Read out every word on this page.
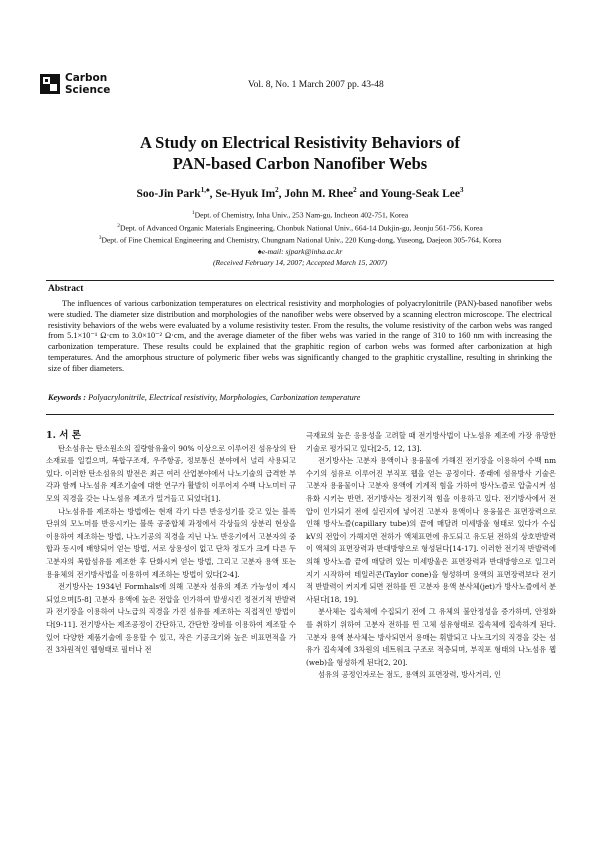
Carbon
Science	Vol. 8, No. 1 March 2007 pp. 43-48
A Study on Electrical Resistivity Behaviors of
PAN-based Carbon Nanofiber Webs
Soo-Jin Park$^{1,♠}$, Se-Hyuk Im$^2$, John M. Rhee$^2$ and Young-Seak Lee$^3$
$^1$Dept. of Chemistry, Inha Univ., 253 Nam-gu, Incheon 402-751, Korea
$^2$Dept. of Advanced Organic Materials Engineering, Chonbuk National Univ., 664-14 Dukjin-gu, Jeonju 561-756, Korea
$^3$Dept. of Fine Chemical Engineering and Chemistry, Chungnam National Univ., 220 Kung-dong, Yuseong, Daejeon 305-764, Korea
♠e-mail: sjpark@inha.ac.kr
(Received February 14, 2007; Accepted March 15, 2007)
Abstract

The influences of various carbonization temperatures on electrical resistivity and morphologies of polyacrylonitrile (PAN)-based nanofiber webs were studied. The diameter size distribution and morphologies of the nanofiber webs were observed by a scanning electron microscope. The electrical resistivity behaviors of the webs were evaluated by a volume resistivity tester. From the results, the volume resistivity of the carbon webs was ranged from 5.1×10⁻¹ Ω·cm to 3.0×10⁻² Ω·cm, and the average diameter of the fiber webs was varied in the range of 310 to 160 nm with increasing the carbonization temperature. These results could be explained that the graphitic region of carbon webs was formed after carbonization at high temperatures. And the amorphous structure of polymeric fiber webs was significantly changed to the graphitic crystalline, resulting in shrinking the size of fiber diameters.

Keywords : Polyacrylonitrile, Electrical resistivity, Morphologies, Carbonization temperature

1. 서 론

탄소섬유는 탄소원소의 질량함유율이 90% 이상으로 이루어진 섬유상의 탄소재료를 일컬으며, 복합구조재, 우주항공, 정보통신 분야에서 널리 사용되고 있다. 이러한 탄소섬유의 발전은 최근 여러 산업분야에서 나노기술의 급격한 부각과 함께 나노섬유 제조기술에 대한 연구가 활발히 이루어져 수백 나노미터 규모의 직경을 갖는 나노섬유 제조가 밀거들고 되었다[1].

나노섬유를 제조하는 방법에는 현재 각기 다른 반응성기를 갖고 있는 블록단위의 모노머를 반응시키는 블록 공중합체 과정에서 각상들의 상분리 현상을 이용하여 제조하는 방법, 나노기공의 직경을 지닌 나노 반응기에서 고분자의 중합과 동시에 배향되어 얻는 방법, 서로 상용성이 없고 단차 정도가 크게 다른 두 고분자의 복합섬유를 제조한 후 단화시켜 얻는 방법, 그리고 고분자 용액 또는 용융체의 전기방사법을 이용하여 제조하는 방법이 있다[2-4].

전기방사는 1934년 Formhals에 의해 고분자 섬유의 제조 가능성이 제시되었으며[5-8] 고분자 용액에 높은 전압을 인가하여 발생시킨 정전기적 반발력과 전기장을 이용하여 나노급의 직경을 가진 섬유를 제조하는 직접적인 방법이다[9-11]. 전기방사는 제조공정이 간단하고, 간단한 장비를 이용하여 제조할 수 있어 다양한 제품기술에 응용할 수 있고, 작은 기공크기와 높은 비표면적을 가진 3차원적인 웹형태로 필터나 전

극재료의 높은 응용성을 고려할 때 전기방사법이 나노섬유 제조에 가장 유망한 기술로 평가되고 있다[2-5, 12, 13].

전기방사는 고분자 용액이나 용융물에 가해진 전기장을 이용하여 수백 nm 수기의 섬유로 이루어진 부직포 웹을 얻는 공정이다. 종래에 섬유방사 기술은 고분자 용융물이나 고분자 용액에 기계적 힘을 가하여 방사노즐로 압출시켜 섬유화 시키는 반면, 전기방사는 정전기적 힘을 이용하고 있다. 전기방사에서 전압이 인가되기 전에 실린지에 넣어진 고분자 용액이나 용융물은 표면장력으로 인해 방사노즐(capillary tube)의 끝에 매달려 미세방울 형태로 있다가 수십 kV의 전압이 가해지면 전하가 액체표면에 유도되고 유도된 전하의 상호반발력이 액체의 표면장력과 반대방향으로 형성된다[14-17]. 이러한 전기적 반발력에 의해 방사노즐 끝에 매달려 있는 미세방울은 표면장력과 반대방향으로 일그러지기 시작하여 테일러콘(Taylor cone)을 형성하며 용액의 표면장력보다 전기적 반발력이 커지게 되면 전하를 띈 고분자 용액 분사체(jet)가 방사노즐에서 분사된다[18, 19].

분사체는 집속체에 수집되기 전에 그 유체의 불안정성을 증가하며, 안정화를 취하기 위하여 고분자 전하를 띈 고체 섬유형태로 집속체에 집속하게 된다. 고분자 용액 분사체는 방사되면서 용매는 휘발되고 나노크기의 직경을 갖는 섬유가 집속체에 3차원의 네트워크 구조로 적층되며, 부직포 형태의 나노섬유 웹(web)을 형성하게 된다[2, 20].

섬유의 공정인자로는 점도, 용액의 표면장력, 방사거리, 인
